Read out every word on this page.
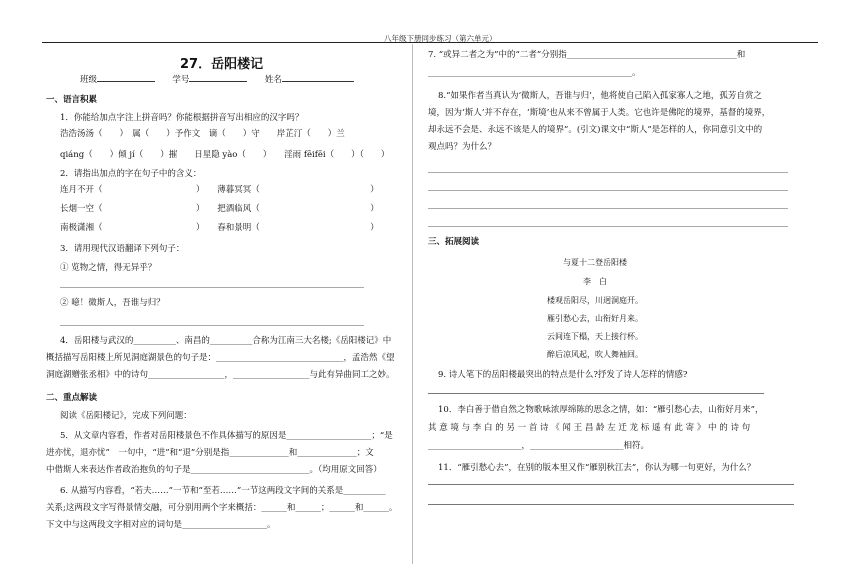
八年级下册同步练习（第六单元）
27．岳阳楼记
班级	学号	姓名
一、语言积累
1．你能给加点字注上拼音吗？你能根据拼音写出相应的汉字吗？
浩浩汤汤（　　）　属（　　）予作文　谪（　　）守　　岸芷汀（　　）兰
qiáng（　　）倾 jí（　　）摧　　日星隐 yào（　　）　　淫雨 fēifēi（　　）（　　）
2．请指出加点的字在句子中的含义：
连月不开（　　　　　　　　　　　）　　薄暮冥冥（　　　　　　　　　　　　　）
长烟一空（　　　　　　　　　　　）　　把酒临风（　　　　　　　　　　　　　）
南极潇湘（　　　　　　　　　　　）　　春和景明（　　　　　　　　　　　　　）
3．请用现代汉语翻译下列句子：
① 览物之情，得无异乎？
② 噫！微斯人，吾谁与归？
4．岳阳楼与武汉的__________、南昌的__________合称为江南三大名楼;《岳阳楼记》中
概括描写岳阳楼上所见洞庭湖景色的句子是：______________________________，孟浩然《望
洞庭湖赠张丞相》中的诗句__________________，__________________与此有异曲同工之妙。
二、重点解读
阅读《岳阳楼记》，完成下列问题：
5．从文章内容看，作者对岳阳楼景色不作具体描写的原因是____________________；“是
进亦忧，退亦忧”　一句中，“进”和“退”分别是指______________和______________；文
中借斯人来表达作者政治抱负的句子是____________________________。（均用原文回答）
6. 从描写内容看，“若夫……”一节和“至若……”一节这两段文字间的关系是__________
关系;这两段文字写得景情交融，可分别用两个字来概括：______和______；______和______。
下文中与这两段文字相对应的词句是____________________。
7. “或异二者之为”中的“二者”分别指________________________________________和
________________________________________________。
8.“如果作者当真认为‘微斯人，吾谁与归’，他将使自己陷入孤家寡人之地，孤芳自赏之
境，因为‘斯人’并不存在，‘斯境’也从来不曾属于人类。它也许是佛陀的境界，基督的境界，
却永远不会是、永远不该是人的境界”。(引文)课文中“斯人”是怎样的人，你同意引文中的
观点吗？为什么？
三、拓展阅读
与夏十二登岳阳楼
李　白
楼观岳阳尽，川迥洞庭开。
雁引愁心去，山衔好月来。
云间连下榻，天上接行杯。
醉后凉风起，吹人舞袖回。
9. 诗人笔下的岳阳楼最突出的特点是什么?抒发了诗人怎样的情感?
10．李白善于借自然之物歌咏浓厚绵陈的思念之情，如：“雁引愁心去，山衔好月来”，
其 意 境 与 李 白 的 另 一 首 诗 《 闻 王 昌 龄 左 迁 龙 标 遥 有 此 寄 》 中 的 诗 句
______________________，______________________相符。
11．“雁引愁心去”，在别的版本里又作“雁别秋江去”，你认为哪一句更好，为什么？
